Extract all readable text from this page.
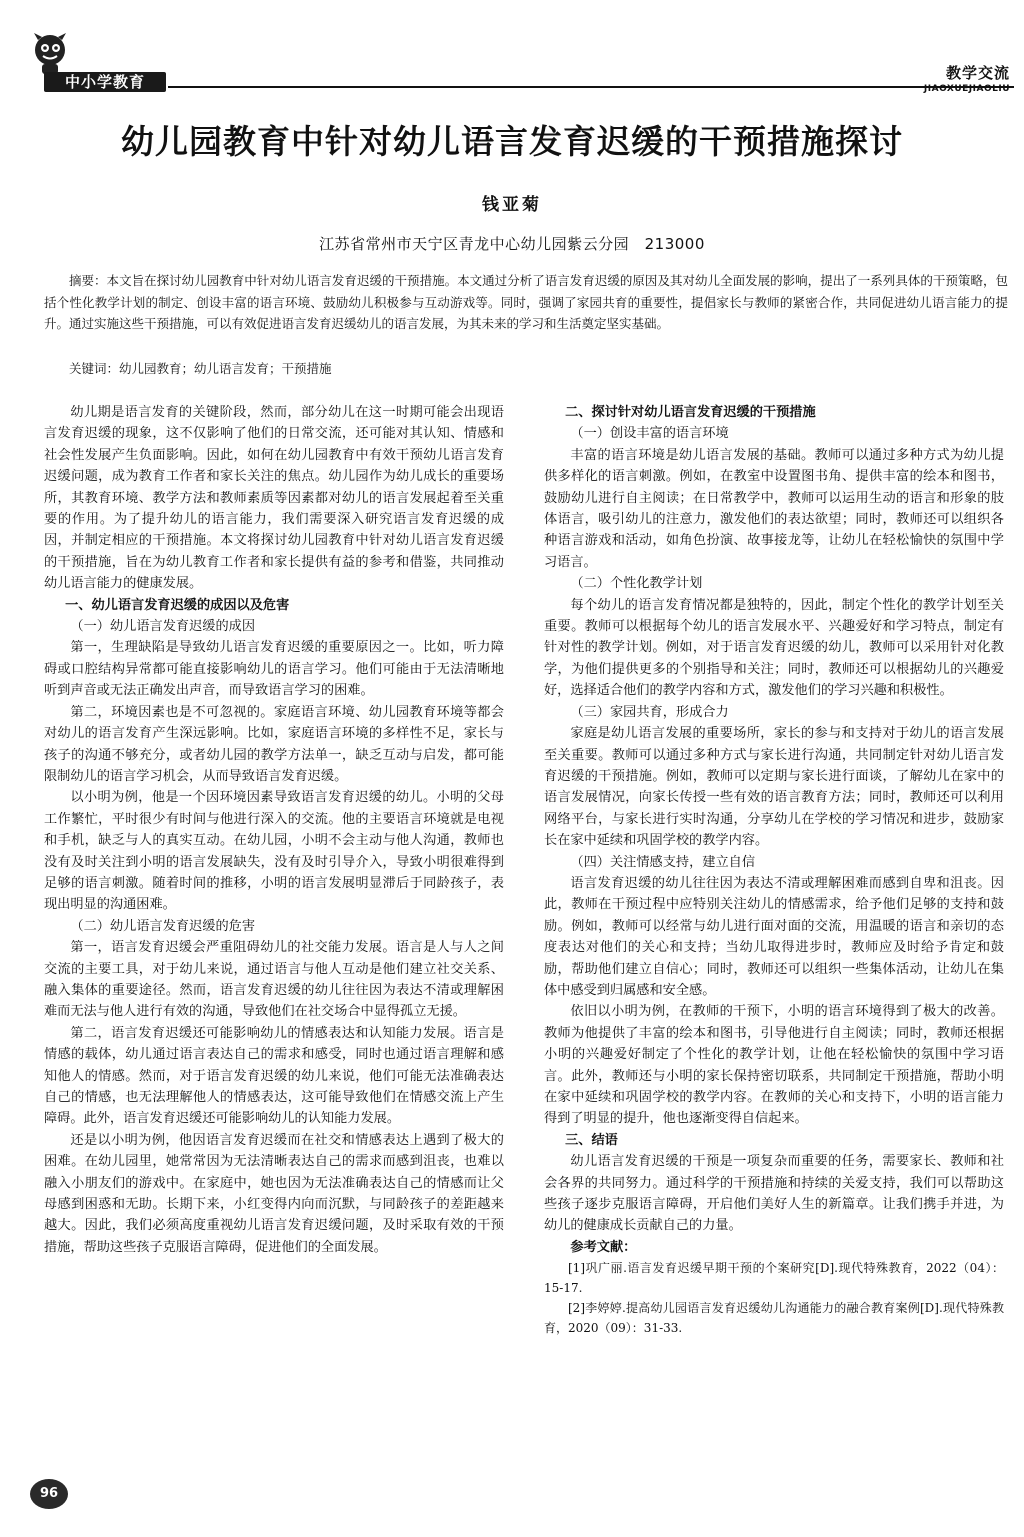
中小学教育	教学交流
JIAOXUEJIAOLIU
幼儿园教育中针对幼儿语言发育迟缓的干预措施探讨
钱亚菊
江苏省常州市天宁区青龙中心幼儿园紫云分园　213000
摘要：本文旨在探讨幼儿园教育中针对幼儿语言发育迟缓的干预措施。本文通过分析了语言发育迟缓的原因及其对幼儿全面发展的影响，提出了一系列具体的干预策略，包括个性化教学计划的制定、创设丰富的语言环境、鼓励幼儿积极参与互动游戏等。同时，强调了家园共育的重要性，提倡家长与教师的紧密合作，共同促进幼儿语言能力的提升。通过实施这些干预措施，可以有效促进语言发育迟缓幼儿的语言发展，为其未来的学习和生活奠定坚实基础。
关键词：幼儿园教育；幼儿语言发育；干预措施

幼儿期是语言发育的关键阶段，然而，部分幼儿在这一时期可能会出现语言发育迟缓的现象，这不仅影响了他们的日常交流，还可能对其认知、情感和社会性发展产生负面影响。因此，如何在幼儿园教育中有效干预幼儿语言发育迟缓问题，成为教育工作者和家长关注的焦点。幼儿园作为幼儿成长的重要场所，其教育环境、教学方法和教师素质等因素都对幼儿的语言发展起着至关重要的作用。为了提升幼儿的语言能力，我们需要深入研究语言发育迟缓的成因，并制定相应的干预措施。本文将探讨幼儿园教育中针对幼儿语言发育迟缓的干预措施，旨在为幼儿教育工作者和家长提供有益的参考和借鉴，共同推动幼儿语言能力的健康发展。

一、幼儿语言发育迟缓的成因以及危害
（一）幼儿语言发育迟缓的成因

第一，生理缺陷是导致幼儿语言发育迟缓的重要原因之一。比如，听力障碍或口腔结构异常都可能直接影响幼儿的语言学习。他们可能由于无法清晰地听到声音或无法正确发出声音，而导致语言学习的困难。

第二，环境因素也是不可忽视的。家庭语言环境、幼儿园教育环境等都会对幼儿的语言发育产生深远影响。比如，家庭语言环境的多样性不足，家长与孩子的沟通不够充分，或者幼儿园的教学方法单一，缺乏互动与启发，都可能限制幼儿的语言学习机会，从而导致语言发育迟缓。

以小明为例，他是一个因环境因素导致语言发育迟缓的幼儿。小明的父母工作繁忙，平时很少有时间与他进行深入的交流。他的主要语言环境就是电视和手机，缺乏与人的真实互动。在幼儿园，小明不会主动与他人沟通，教师也没有及时关注到小明的语言发展缺失，没有及时引导介入，导致小明很难得到足够的语言刺激。随着时间的推移，小明的语言发展明显滞后于同龄孩子，表现出明显的沟通困难。

（二）幼儿语言发育迟缓的危害

第一，语言发育迟缓会严重阻碍幼儿的社交能力发展。语言是人与人之间交流的主要工具，对于幼儿来说，通过语言与他人互动是他们建立社交关系、融入集体的重要途径。然而，语言发育迟缓的幼儿往往因为表达不清或理解困难而无法与他人进行有效的沟通，导致他们在社交场合中显得孤立无援。

第二，语言发育迟缓还可能影响幼儿的情感表达和认知能力发展。语言是情感的载体，幼儿通过语言表达自己的需求和感受，同时也通过语言理解和感知他人的情感。然而，对于语言发育迟缓的幼儿来说，他们可能无法准确表达自己的情感，也无法理解他人的情感表达，这可能导致他们在情感交流上产生障碍。此外，语言发育迟缓还可能影响幼儿的认知能力发展。

还是以小明为例，他因语言发育迟缓而在社交和情感表达上遇到了极大的困难。在幼儿园里，她常常因为无法清晰表达自己的需求而感到沮丧，也难以融入小朋友们的游戏中。在家庭中，她也因为无法准确表达自己的情感而让父母感到困惑和无助。长期下来，小红变得内向而沉默，与同龄孩子的差距越来越大。因此，我们必须高度重视幼儿语言发育迟缓问题，及时采取有效的干预措施，帮助这些孩子克服语言障碍，促进他们的全面发展。

二、探讨针对幼儿语言发育迟缓的干预措施
（一）创设丰富的语言环境

丰富的语言环境是幼儿语言发展的基础。教师可以通过多种方式为幼儿提供多样化的语言刺激。例如，在教室中设置图书角、提供丰富的绘本和图书，鼓励幼儿进行自主阅读；在日常教学中，教师可以运用生动的语言和形象的肢体语言，吸引幼儿的注意力，激发他们的表达欲望；同时，教师还可以组织各种语言游戏和活动，如角色扮演、故事接龙等，让幼儿在轻松愉快的氛围中学习语言。

（二）个性化教学计划

每个幼儿的语言发育情况都是独特的，因此，制定个性化的教学计划至关重要。教师可以根据每个幼儿的语言发展水平、兴趣爱好和学习特点，制定有针对性的教学计划。例如，对于语言发育迟缓的幼儿，教师可以采用针对化教学，为他们提供更多的个别指导和关注；同时，教师还可以根据幼儿的兴趣爱好，选择适合他们的教学内容和方式，激发他们的学习兴趣和积极性。

（三）家园共育，形成合力

家庭是幼儿语言发展的重要场所，家长的参与和支持对于幼儿的语言发展至关重要。教师可以通过多种方式与家长进行沟通，共同制定针对幼儿语言发育迟缓的干预措施。例如，教师可以定期与家长进行面谈，了解幼儿在家中的语言发展情况，向家长传授一些有效的语言教育方法；同时，教师还可以利用网络平台，与家长进行实时沟通，分享幼儿在学校的学习情况和进步，鼓励家长在家中延续和巩固学校的教学内容。

（四）关注情感支持，建立自信

语言发育迟缓的幼儿往往因为表达不清或理解困难而感到自卑和沮丧。因此，教师在干预过程中应特别关注幼儿的情感需求，给予他们足够的支持和鼓励。例如，教师可以经常与幼儿进行面对面的交流，用温暖的语言和亲切的态度表达对他们的关心和支持；当幼儿取得进步时，教师应及时给予肯定和鼓励，帮助他们建立自信心；同时，教师还可以组织一些集体活动，让幼儿在集体中感受到归属感和安全感。

依旧以小明为例，在教师的干预下，小明的语言环境得到了极大的改善。教师为他提供了丰富的绘本和图书，引导他进行自主阅读；同时，教师还根据小明的兴趣爱好制定了个性化的教学计划，让他在轻松愉快的氛围中学习语言。此外，教师还与小明的家长保持密切联系，共同制定干预措施，帮助小明在家中延续和巩固学校的教学内容。在教师的关心和支持下，小明的语言能力得到了明显的提升，他也逐渐变得自信起来。

三、结语

幼儿语言发育迟缓的干预是一项复杂而重要的任务，需要家长、教师和社会各界的共同努力。通过科学的干预措施和持续的关爱支持，我们可以帮助这些孩子逐步克服语言障碍，开启他们美好人生的新篇章。让我们携手并进，为幼儿的健康成长贡献自己的力量。

参考文献：

[1]巩广丽.语言发育迟缓早期干预的个案研究[D].现代特殊教育，2022（04）：15-17.

[2]李婷婷.提高幼儿园语言发育迟缓幼儿沟通能力的融合教育案例[D].现代特殊教育，2020（09）：31-33.

96
